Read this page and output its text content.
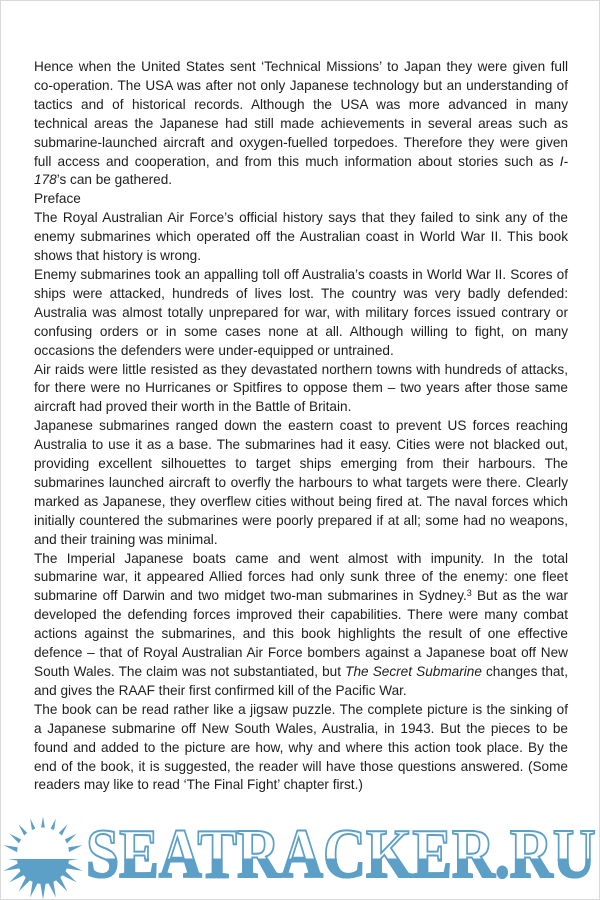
Hence when the United States sent ‘Technical Missions’ to Japan they were given full co-operation. The USA was after not only Japanese technology but an understanding of tactics and of historical records. Although the USA was more advanced in many technical areas the Japanese had still made achievements in several areas such as submarine-launched aircraft and oxygen-fuelled torpedoes. Therefore they were given full access and cooperation, and from this much information about stories such as I-178’s can be gathered.

Preface

The Royal Australian Air Force’s official history says that they failed to sink any of the enemy submarines which operated off the Australian coast in World War II. This book shows that history is wrong.

Enemy submarines took an appalling toll off Australia’s coasts in World War II. Scores of ships were attacked, hundreds of lives lost. The country was very badly defended: Australia was almost totally unprepared for war, with military forces issued contrary or confusing orders or in some cases none at all. Although willing to fight, on many occasions the defenders were under-equipped or untrained.

Air raids were little resisted as they devastated northern towns with hundreds of attacks, for there were no Hurricanes or Spitfires to oppose them – two years after those same aircraft had proved their worth in the Battle of Britain.

Japanese submarines ranged down the eastern coast to prevent US forces reaching Australia to use it as a base. The submarines had it easy. Cities were not blacked out, providing excellent silhouettes to target ships emerging from their harbours. The submarines launched aircraft to overfly the harbours to what targets were there. Clearly marked as Japanese, they overflew cities without being fired at. The naval forces which initially countered the submarines were poorly prepared if at all; some had no weapons, and their training was minimal.

The Imperial Japanese boats came and went almost with impunity. In the total submarine war, it appeared Allied forces had only sunk three of the enemy: one fleet submarine off Darwin and two midget two-man submarines in Sydney.$^3$ But as the war developed the defending forces improved their capabilities. There were many combat actions against the submarines, and this book highlights the result of one effective defence – that of Royal Australian Air Force bombers against a Japanese boat off New South Wales. The claim was not substantiated, but The Secret Submarine changes that, and gives the RAAF their first confirmed kill of the Pacific War.

The book can be read rather like a jigsaw puzzle. The complete picture is the sinking of a Japanese submarine off New South Wales, Australia, in 1943. But the pieces to be found and added to the picture are how, why and where this action took place. By the end of the book, it is suggested, the reader will have those questions answered. (Some readers may like to read ‘The Final Fight’ chapter first.)

SEATRACKER.RU
